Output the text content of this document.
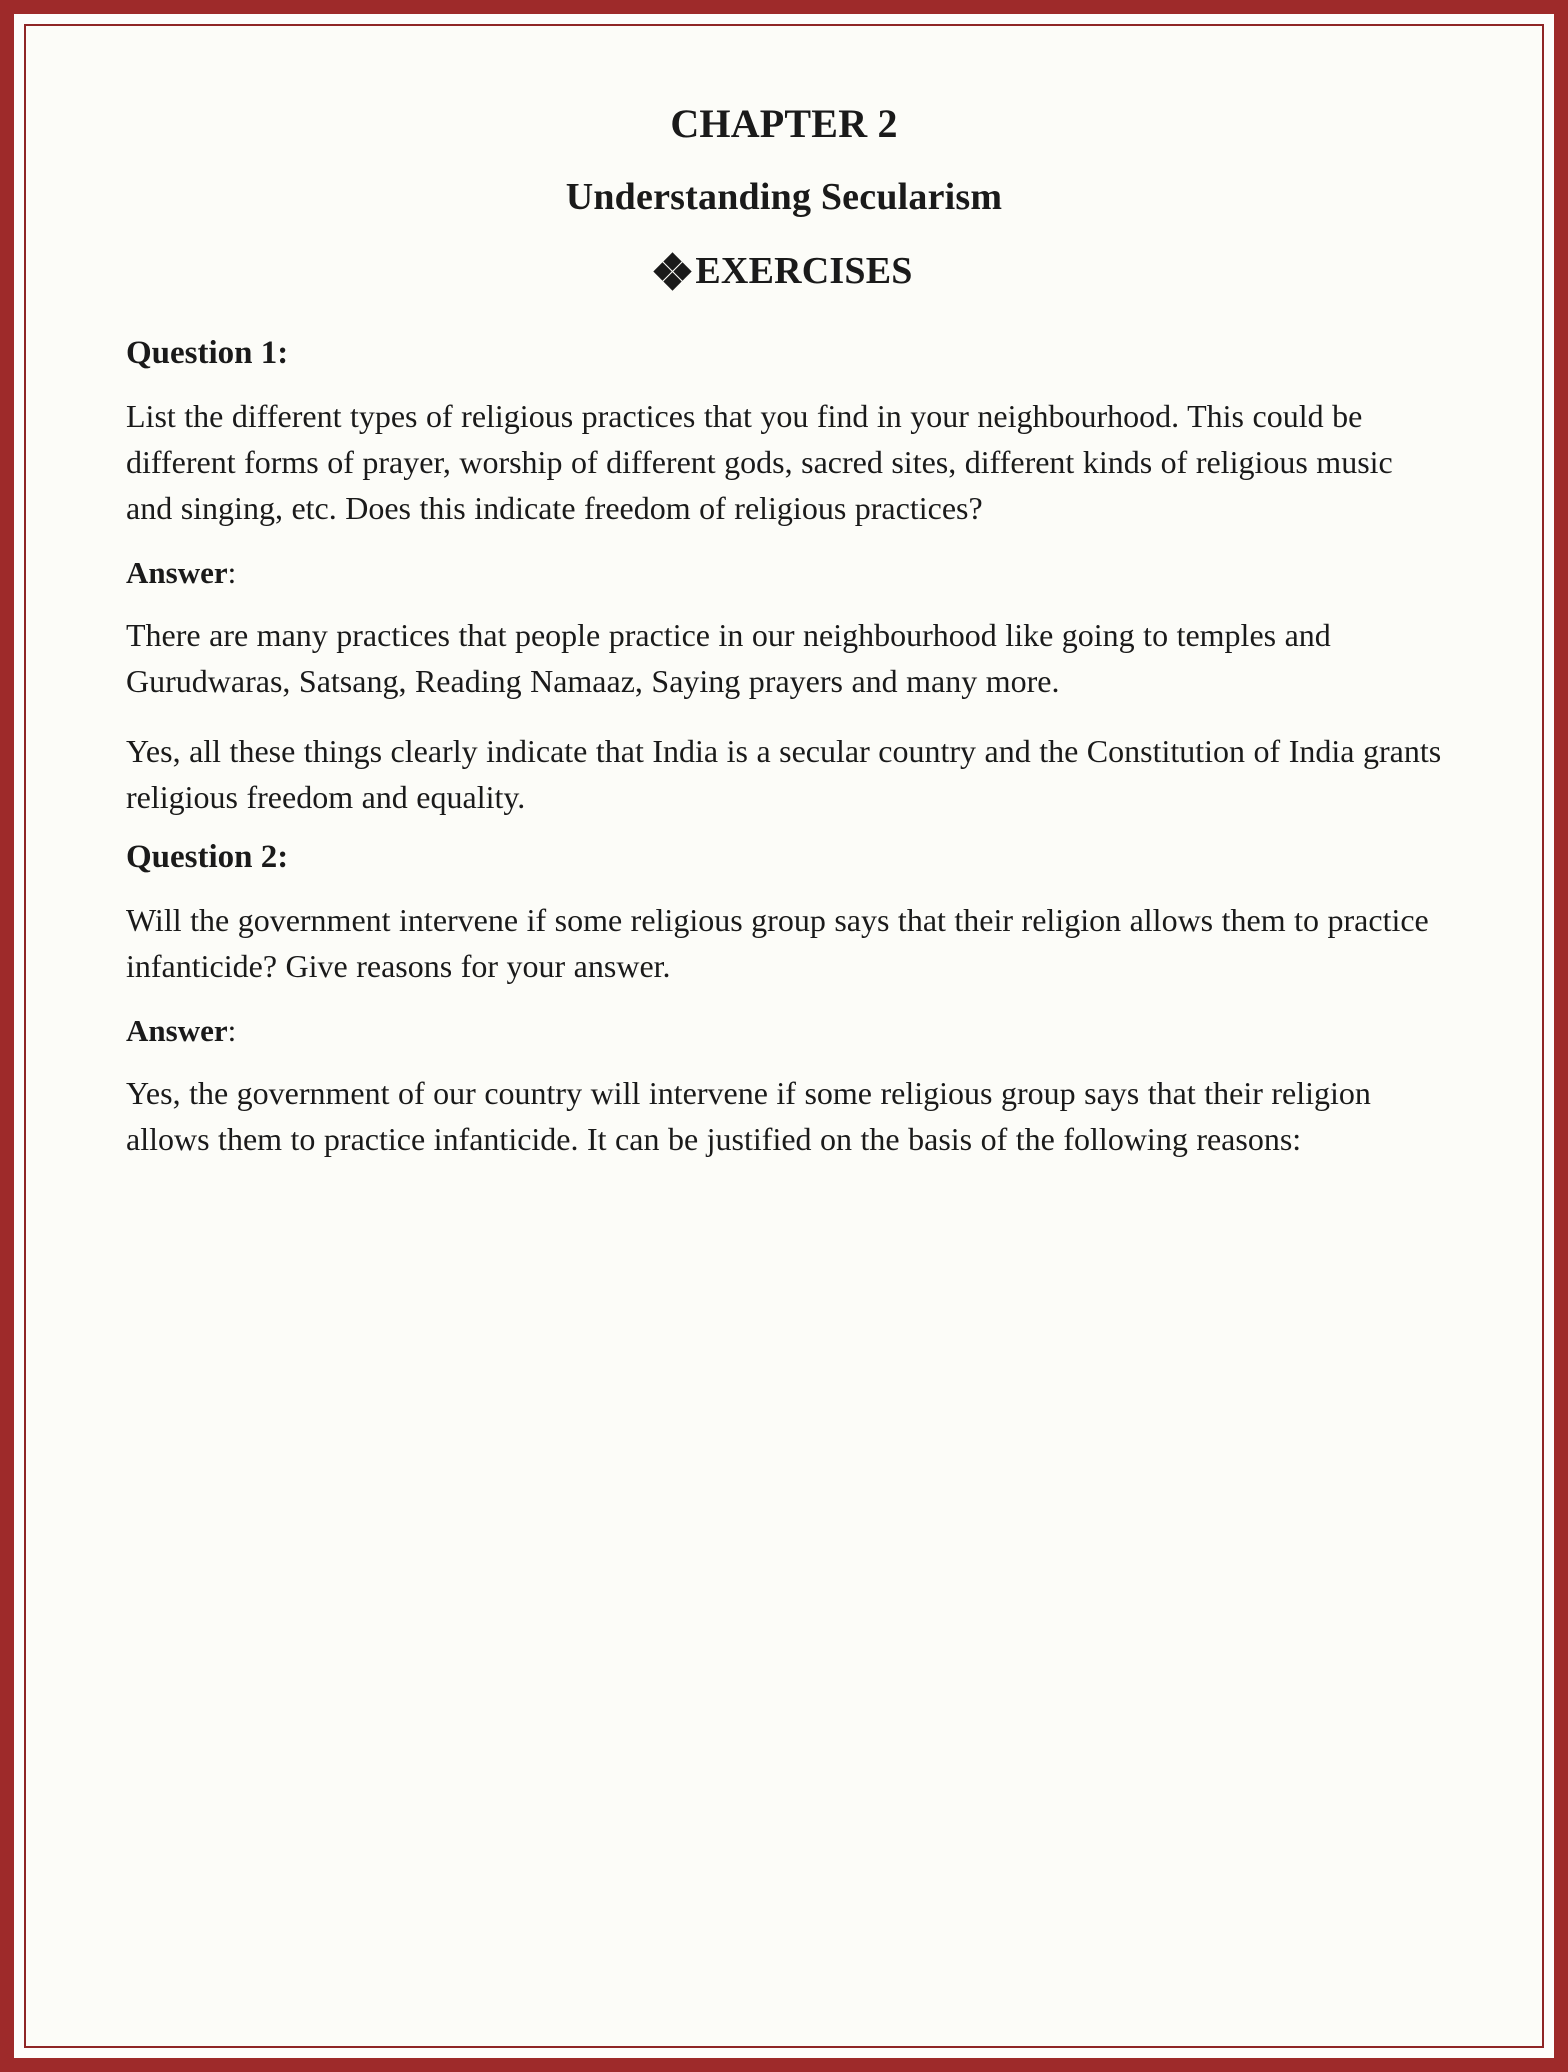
CHAPTER 2
Understanding Secularism
EXERCISES
Question 1:

List the different types of religious practices that you find in your neighbourhood. This could be different forms of prayer, worship of different gods, sacred sites, different kinds of religious music and singing, etc. Does this indicate freedom of religious practices?

Answer:

There are many practices that people practice in our neighbourhood like going to temples and Gurudwaras, Satsang, Reading Namaaz, Saying prayers and many more.

Yes, all these things clearly indicate that India is a secular country and the Constitution of India grants religious freedom and equality.

Question 2:

Will the government intervene if some religious group says that their religion allows them to practice infanticide? Give reasons for your answer.

Answer:

Yes, the government of our country will intervene if some religious group says that their religion allows them to practice infanticide. It can be justified on the basis of the following reasons:
